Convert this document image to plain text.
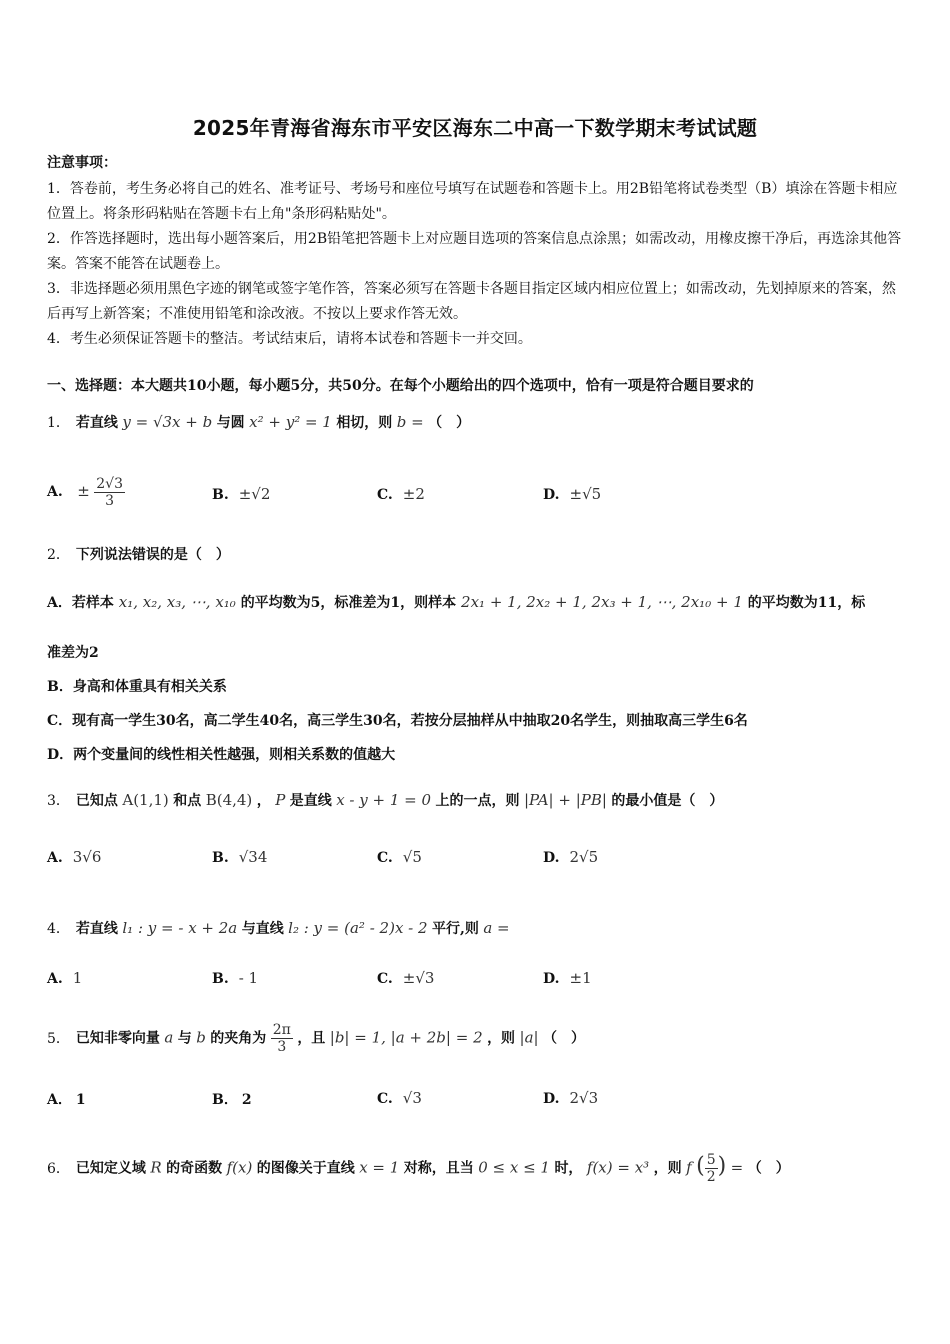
2025年青海省海东市平安区海东二中高一下数学期末考试试题
注意事项：

1．答卷前，考生务必将自己的姓名、准考证号、考场号和座位号填写在试题卷和答题卡上。用2B铅笔将试卷类型（B）填涂在答题卡相应位置上。将条形码粘贴在答题卡右上角"条形码粘贴处"。

2．作答选择题时，选出每小题答案后，用2B铅笔把答题卡上对应题目选项的答案信息点涂黑；如需改动，用橡皮擦干净后，再选涂其他答案。答案不能答在试题卷上。

3．非选择题必须用黑色字迹的钢笔或签字笔作答，答案必须写在答题卡各题目指定区域内相应位置上；如需改动，先划掉原来的答案，然后再写上新答案；不准使用铅笔和涂改液。不按以上要求作答无效。

4．考生必须保证答题卡的整洁。考试结束后，请将本试卷和答题卡一并交回。

一、选择题：本大题共10小题，每小题5分，共50分。在每个小题给出的四个选项中，恰有一项是符合题目要求的
1． 若直线 y = √3x + b 与圆 x² + y² = 1 相切，则 b = （　）
A. ± $\frac{2√3}{3}$	B. ±√2	C. ±2	D. ±√5
2． 下列说法错误的是（　）
A．若样本 x₁, x₂, x₃, ⋯, x₁₀ 的平均数为5，标准差为1，则样本 2x₁ + 1, 2x₂ + 1, 2x₃ + 1, ⋯, 2x₁₀ + 1 的平均数为11，标
准差为2
B．身高和体重具有相关关系
C．现有高一学生30名，高二学生40名，高三学生30名，若按分层抽样从中抽取20名学生，则抽取高三学生6名
D．两个变量间的线性相关性越强，则相关系数的值越大
3． 已知点 A(1,1) 和点 B(4,4) ， P 是直线 x - y + 1 = 0 上的一点，则 |PA| + |PB| 的最小值是（　）
A. 3√6	B. √34	C. √5	D. 2√5
4． 若直线 l₁ : y = - x + 2a 与直线 l₂ : y = (a² - 2)x - 2 平行,则 a =
A. 1	B. - 1	C. ±√3	D. ±1
5． 已知非零向量 a 与 b 的夹角为 $\frac{2\pi}{3}$ ，且 |b| = 1, |a + 2b| = 2 ，则 |a| （　）
A． 1	B． 2	C. √3	D. 2√3
6． 已知定义域 R 的奇函数 f(x) 的图像关于直线 x = 1 对称，且当 0 ≤ x ≤ 1 时， f(x) = x³ ，则 f ( $\frac{5}{2}$ ) = （　）
